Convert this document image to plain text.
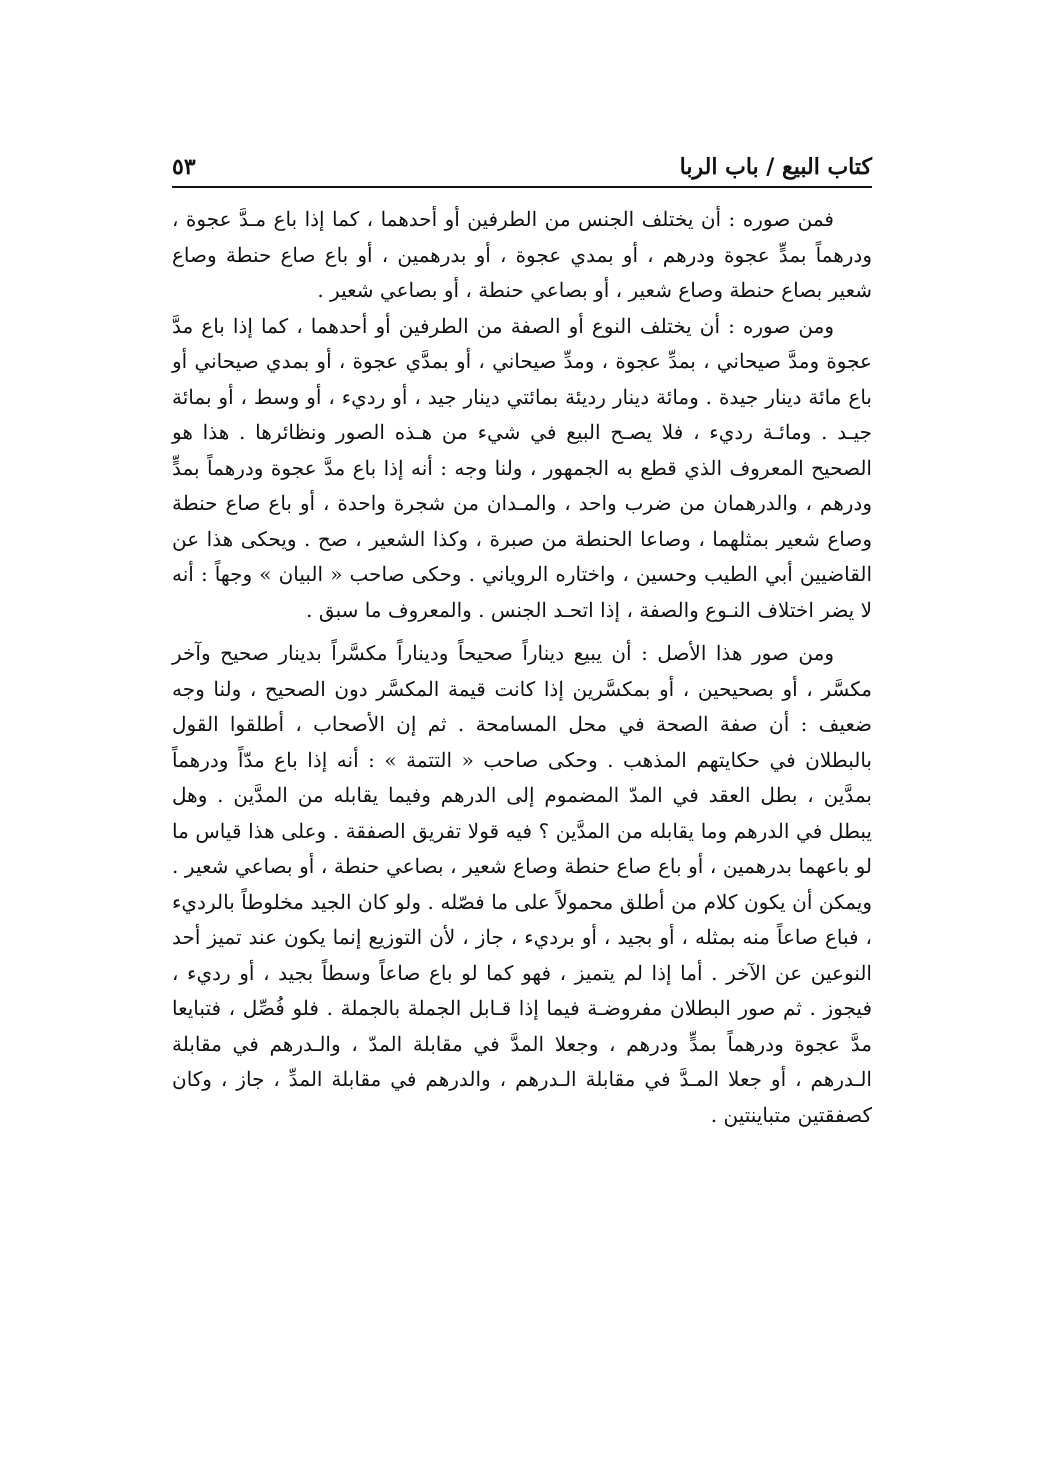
كتاب البيع / باب الربا
٥٣

فمن صوره : أن يختلف الجنس من الطرفين أو أحدهما ، كما إذا باع مـدَّ عجوة ، ودرهماً بمدٍّ عجوة ودرهم ، أو بمدي عجوة ، أو بدرهمين ، أو باع صاع حنطة وصاع شعير بصاع حنطة وصاع شعير ، أو بصاعي حنطة ، أو بصاعي شعير .

ومن صوره : أن يختلف النوع أو الصفة من الطرفين أو أحدهما ، كما إذا باع مدَّ عجوة ومدَّ صيحاني ، بمدِّ عجوة ، ومدِّ صيحاني ، أو بمدَّي عجوة ، أو بمدي صيحاني أو باع مائة دينار جيدة . ومائة دينار رديئة بمائتي دينار جيد ، أو رديء ، أو وسط ، أو بمائة جيـد . ومائـة رديء ، فلا يصـح البيع في شيء من هـذه الصور ونظائرها . هذا هو الصحيح المعروف الذي قطع به الجمهور ، ولنا وجه : أنه إذا باع مدَّ عجوة ودرهماً بمدٍّ ودرهم ، والدرهمان من ضرب واحد ، والمـدان من شجرة واحدة ، أو باع صاع حنطة وصاع شعير بمثلهما ، وصاعا الحنطة من صبرة ، وكذا الشعير ، صح . ويحكى هذا عن القاضيين أبي الطيب وحسين ، واختاره الروياني . وحكى صاحب « البيان » وجهاً : أنه لا يضر اختلاف النـوع والصفة ، إذا اتحـد الجنس . والمعروف ما سبق .

ومن صور هذا الأصل : أن يبيع ديناراً صحيحاً وديناراً مكسَّراً بدينار صحيح وآخر مكسَّر ، أو بصحيحين ، أو بمكسَّرين إذا كانت قيمة المكسَّر دون الصحيح ، ولنا وجه ضعيف : أن صفة الصحة في محل المسامحة . ثم إن الأصحاب ، أطلقوا القول بالبطلان في حكايتهم المذهب . وحكى صاحب « التتمة » : أنه إذا باع مدّاً ودرهماً بمدَّين ، بطل العقد في المدّ المضموم إلى الدرهم وفيما يقابله من المدَّين . وهل يبطل في الدرهم وما يقابله من المدَّين ؟ فيه قولا تفريق الصفقة . وعلى هذا قياس ما لو باعهما بدرهمين ، أو باع صاع حنطة وصاع شعير ، بصاعي حنطة ، أو بصاعي شعير . ويمكن أن يكون كلام من أطلق محمولاً على ما فصّله . ولو كان الجيد مخلوطاً بالرديء ، فباع صاعاً منه بمثله ، أو بجيد ، أو برديء ، جاز ، لأن التوزيع إنما يكون عند تميز أحد النوعين عن الآخر . أما إذا لم يتميز ، فهو كما لو باع صاعاً وسطاً بجيد ، أو رديء ، فيجوز . ثم صور البطلان مفروضـة فيما إذا قـابل الجملة بالجملة . فلو فُصِّل ، فتبايعا مدَّ عجوة ودرهماً بمدٍّ ودرهم ، وجعلا المدَّ في مقابلة المدّ ، والـدرهم في مقابلة الـدرهم ، أو جعلا المـدَّ في مقابلة الـدرهم ، والدرهم في مقابلة المدِّ ، جاز ، وكان كصفقتين متباينتين .
